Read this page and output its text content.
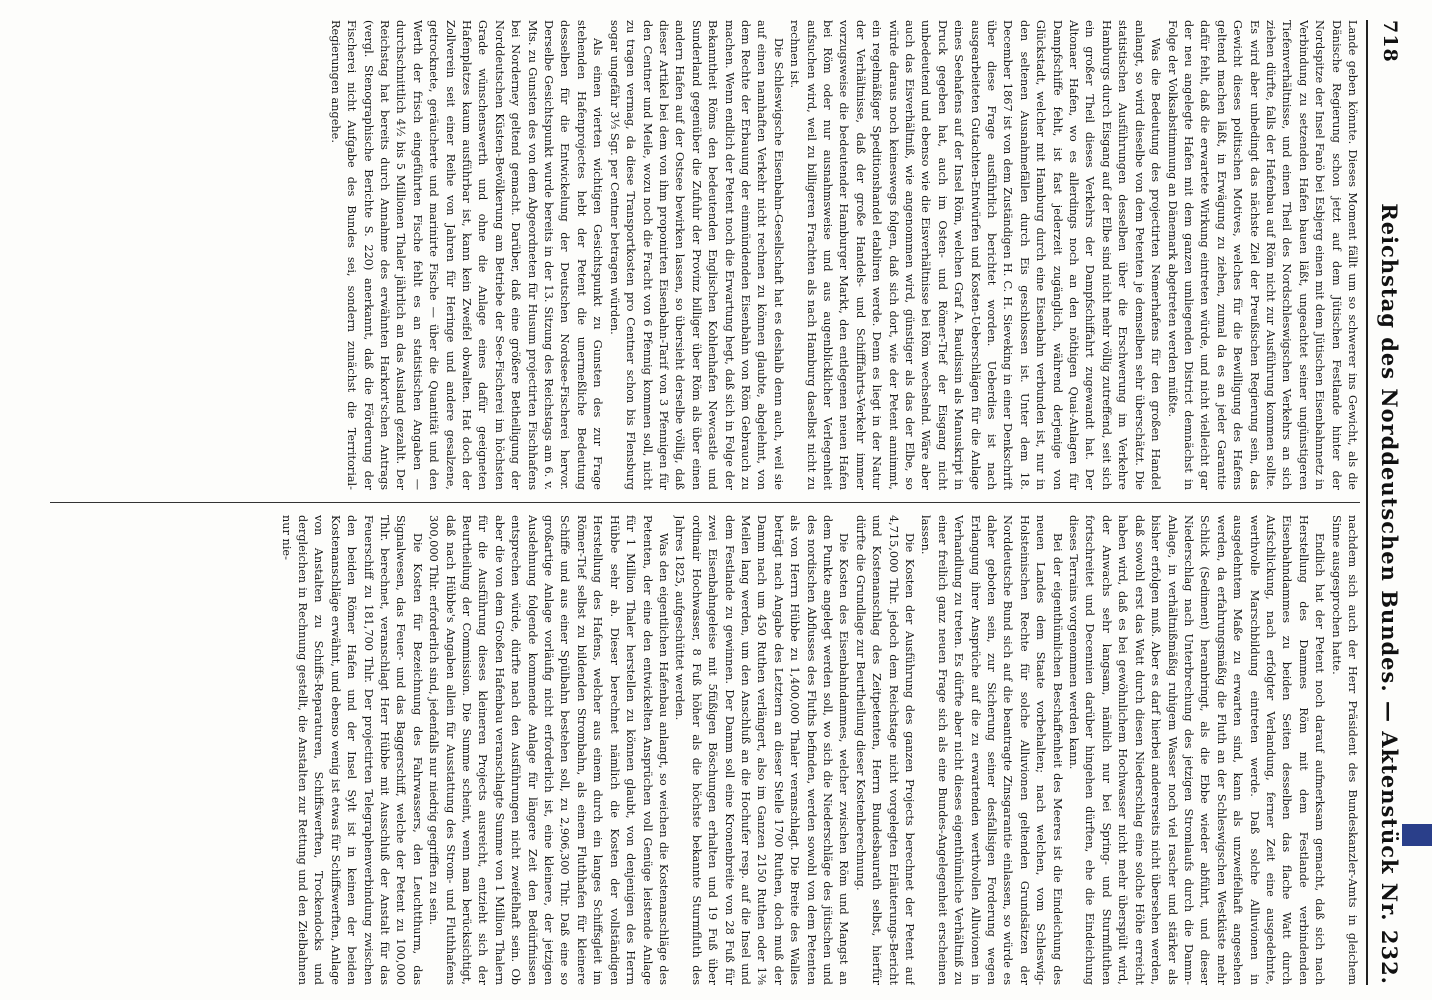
718
Reichstag des Norddeutschen Bundes. — Aktenstück Nr. 232.

Lande geben könnte. Dieses Moment fällt um so schwerer ins Gewicht, als die Dänische Regierung schon jetzt auf dem Jütischen Festlande hinter der Nordspitze der Insel Fanö bei Esbjerg einen mit dem Jütischen Eisenbahnnetz in Verbindung zu setzenden Hafen bauen läßt, ungeachtet seiner ungünstigeren Tiefenverhältnisse, und einen Theil des Nordschleswigschen Verkehrs an sich ziehen dürfte, falls der Hafenbau auf Röm nicht zur Ausführung kommen sollte. Es wird aber unbedingt das nächste Ziel der Preußischen Regierung sein, das Gewicht dieses politischen Motives, welches für die Bewilligung des Hafens geltend machen läßt, in Erwägung zu ziehen, zumal da es an jeder Garantie dafür fehlt, daß die erwartete Wirkung eintreten würde, und nicht vielleicht gar der neu angelegte Hafen mit dem ganzen umliegenden District demnächst in Folge der Volksabstimmung an Dänemark abgetreten werden müßte.

Was die Bedeutung des projectirten Nemerhafens für den großen Handel anlangt, so wird dieselbe von dem Petenten je demselben sehr überschätzt. Die statistischen Ausführungen desselben über die Erschwerung im Verkehre Hamburgs durch Eisgang auf der Elbe sind nicht mehr völlig zutreffend, seit sich ein großer Theil dieses Verkehrs der Dampfschiffahrt zugewandt hat. Der Altonaer Hafen, wo es allerdings noch an den nöthigen Quai-Anlagen für Dampfschiffe fehlt, ist fast jederzeit zugänglich, während derjenige von Glückstadt, welcher mit Hamburg durch eine Eisenbahn verbunden ist, nur in den seltenen Ausnahmefällen durch Eis geschlossen ist. Unter dem 18. December 1867 ist von dem Zuständigen H. C. H. Sieveking in einer Denkschrift über diese Frage ausführlich berichtet worden. Ueberdies ist nach ausgearbeiteten Gutachten-Entwürfen und Kosten-Ueberschlägen für die Anlage eines Seehafens auf der Insel Röm, welchen Graf A. Baudissin als Manuskript in Druck gegeben hat, auch im Osten- und Römer-Tief der Eisgang nicht unbedeutend und ebenso wie die Eisverhältnisse bei Röm wechselnd. Wäre aber auch das Eisverhältniß, wie angenommen wird, günstiger als das der Elbe, so würde daraus noch keineswegs folgen, daß sich dort, wie der Petent annimmt, ein regelmäßiger Speditionshandel etabliren werde. Denn es liegt in der Natur der Verhältnisse, daß der große Handels- und Schifffahrts-Verkehr immer vorzugsweise die bedeutender Hamburger Markt, den entlegenen neuen Hafen bei Röm oder nur ausnahmsweise und aus augenblicklicher Verlegenheit aufsuchen wird, weil zu billigeren Frachten als nach Hamburg daselbst nicht zu rechnen ist.

Die Schleswigsche Eisenbahn-Gesellschaft hat es deshalb denn auch, weil sie auf einen namhaften Verkehr nicht rechnen zu können glaubte, abgelehnt, von dem Rechte der Erbauung der einmündenden Eisenbahn von Röm Gebrauch zu machen. Wenn endlich der Petent noch die Erwartung hegt, daß sich in Folge der Bekanntheit Röms den bedeutenden Englischen Kohlenhafen Newcastle und Sunderland gegenüber die Zufuhr der Provinz billiger über Röm als über einen andern Hafen auf der Ostsee bewirken lassen, so übersieht derselbe völlig, daß dieser Artikel bei dem von ihm proponirten Eisenbahn-Tarif von 3 Pfennigen für den Centner und Meile, wozu noch die Fracht von 6 Pfennig kommen soll, nicht zu tragen vermag, da diese Transportkosten pro Centner schon bis Flensburg sogar ungefähr 3⅓ Sgr. per Centner betragen würden.

Als einen vierten wichtigen Gesichtspunkt zu Gunsten des zur Frage stehenden Hafenprojectes hebt der Petent die unermeßliche Bedeutung desselben für die Entwickelung der Deutschen Nordsee-Fischerei hervor. Derselbe Gesichtspunkt wurde bereits in der 13. Sitzung des Reichstags am 6. v. Mts. zu Gunsten des von dem Abgeordneten für Husum projectirten Fischhafens bei Norderney geltend gemacht. Darüber, daß eine größere Betheiligung der Norddeutschen Küsten-Bevölkerung am Betriebe der See-Fischerei im höchsten Grade wünschenswerth und ohne die Anlage eines dafür geeigneten Hafenplatzes kaum ausführbar ist, kann kein Zweifel obwalten. Hat doch der Zollverein seit einer Reihe von Jahren für Heringe und andere gesalzene, getrocknete, geräucherte und marinirte Fische — über die Quantität und den Werth der frisch eingeführten Fische fehlt es an statistischen Angaben — durchschnittlich 4½ bis 5 Millionen Thaler jährlich an das Ausland gezahlt. Der Reichstag hat bereits durch Annahme des erwähnten Harkort'schen Antrags (vergl. Stenographische Berichte S. 220) anerkannt, daß die Förderung der Fischerei nicht Aufgabe des Bundes sei, sondern zunächst die Territorial-Regierungen angehe.

nachdem sich auch der Herr Präsident des Bundeskanzler-Amts in gleichem Sinne ausgesprochen hatte.

Endlich hat der Petent noch darauf aufmerksam gemacht, daß sich nach Herstellung des Dammes Röm mit dem Festlande verbindenden Eisenbahndammes zu beiden Seiten desselben das flache Watt durch Aufschlickung, nach erfolgter Verlandung, ferner Zeit eine ausgedehnte, werthvolle Marschbildung eintreten werde. Daß solche Alluvionen in ausgedehntem Maße zu erwarten sind, kann als unzweifelhaft angesehen werden, da erfahrungsmäßig die Fluth an der Schleswigschen Westküste mehr Schlick (Sediment) heranbringt, als die Ebbe wieder abführt, und dieser Niederschlag nach Unterbrechung des jetzigen Stromlaufs durch die Damm-Anlage, in verhältnißmäßig ruhigem Wasser noch viel rascher und stärker als bisher erfolgen muß. Aber es darf hierbei andererseits nicht übersehen werden, daß sowohl erst das Watt durch diesen Niederschlag eine solche Höhe erreicht haben wird, daß es bei gewöhnlichem Hochwasser nicht mehr überspült wird, der Anwachs sehr langsam, nämlich nur bei Spring- und Sturmfluthen fortschreitet und Decennien darüber hingehen dürften, ehe die Eindeichung dieses Terrains vorgenommen werden kann.

Bei der eigenthümlichen Beschaffenheit des Meeres ist die Eindeichung des neuen Landes dem Staate vorbehalten; nach welchen, vom Schleswig-Holsteinischen Rechte für solche Alluvionen geltenden Grundsätzen der Norddeutsche Bund sich auf die beantragte Zinsgarantie einlassen, so würde es daher geboten sein, zur Sicherung seiner desfallsigen Forderung wegen Erlangung ihrer Ansprüche auf die zu erwartenden werthvollen Alluvionen in Verhandlung zu treten. Es dürfte aber nicht dieses eigenthümliche Verhältniß zu einer freilich ganz neuen Frage sich als eine Bundes-Angelegenheit erscheinen lassen.

Die Kosten der Ausführung des ganzen Projects berechnet der Petent auf 4,715,000 Thlr. jedoch dem Reichstage nicht vorgelegten Erläuterungs-Bericht und Kostenanschlag des Zeitpetenten, Herrn Bundesbaurath selbst, hierfür dürfte die Grundlage zur Beurtheilung dieser Kostenberechnung.

Die Kosten des Eisenbahndammes, welcher zwischen Röm und Mangst an dem Punkte angelegt werden soll, wo sich die Niederschläge des jütischen und des nordischen Abflusses des Fluths befinden, werden sowohl von dem Petenten als von Herrn Hübbe zu 1,400,000 Thaler veranschlagt. Die Breite des Walles beträgt nach Angabe des Letztern an dieser Stelle 1700 Ruthen, doch muß der Damm nach um 450 Ruthen verlängert, also im Ganzen 2150 Ruthen oder 1⅜ Meilen lang werden, um den Anschluß an die Hochufer resp. auf die Insel und dem Festlande zu gewinnen. Der Damm soll eine Kronenbreite von 28 Fuß für zwei Eisenbahngeleise mit 5füßigen Böschungen erhalten und 19 Fuß über ordinair Hochwasser, 8 Fuß höher als die höchste bekannte Sturmfluth des Jahres 1825, aufgeschüttet werden.

Was den eigentlichen Hafenbau anlangt, so weichen die Kostenanschläge des Petenten, der eine den entwickelten Ansprüchen voll Genüge leistende Anlage für 1 Million Thaler herstellen zu können glaubt, von denjenigen des Herrn Hübbe sehr ab. Dieser berechnet nämlich die Kosten der vollständigen Herstellung des Hafens, welcher aus einem durch ein langes Schiffsgleit im Römer-Tief selbst zu bildenden Strombahn, als einem Fluthhafen für kleinere Schiffe und aus einer Spülbahn bestehen soll, zu 2,906,300 Thlr. Daß eine so großartige Anlage vorläufig nicht erforderlich ist, eine kleinere, der jetzigen Ausdehnung folgende kommende Anlage für längere Zeit den Bedürfnissen entsprechen würde, dürfte nach den Ausführungen nicht zweifelhaft sein. Ob aber die von dem Großen Hafenbau veranschlagte Summe von 1 Million Thalern für die Ausführung dieses kleineren Projects ausreicht, entzieht sich der Beurtheilung der Commission. Die Summe scheint, wenn man berücksichtigt, daß nach Hübbe's Angaben allein für Ausstattung des Strom- und Fluthhafens 300,000 Thlr. erforderlich sind, jedenfalls nur niedrig gegriffen zu sein.

Die Kosten für Bezeichnung des Fahrwassers, den Leuchtthurm, das Signalwesen, das Feuer- und das Baggerschiff, welche der Petent zu 100,000 Thlr. berechnet, veranschlagt Herr Hübbe mit Ausschluß der Anstalt für das Feuerschiff zu 181,700 Thlr. Der projectirten Telegraphenverbindung zwischen den beiden Römer Hafen und der Insel Sylt ist in keinen der beiden Kostenanschläge erwähnt, und ebenso wenig ist etwas für Schiffswerften, Anlage von Anstalten zu Schiffs-Reparaturen, Schiffswerften, Trockendocks und dergleichen in Rechnung gestellt, die Anstalten zur Rettung und den Zielbahnen nur nie-
